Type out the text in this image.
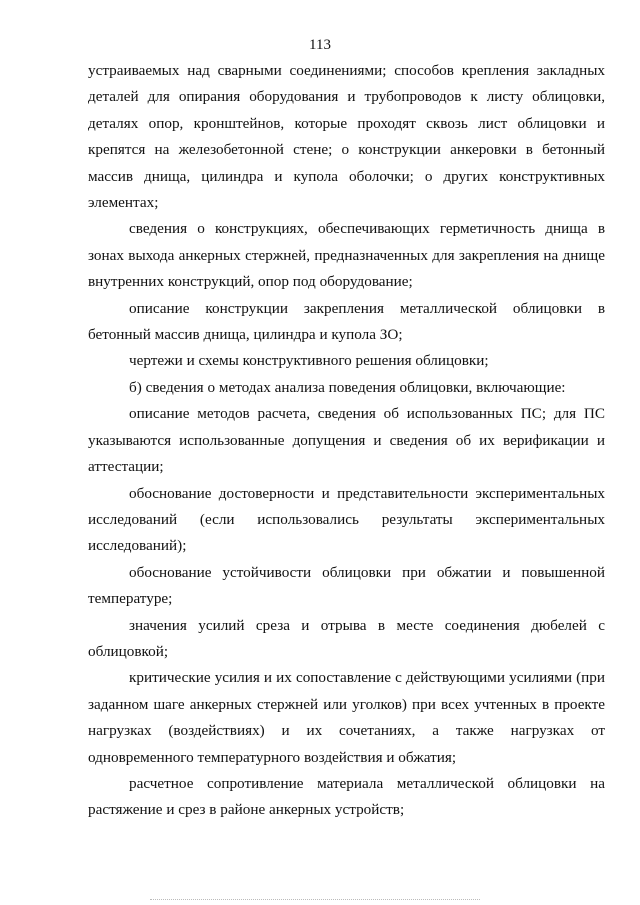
113

устраиваемых над сварными соединениями; способов крепления закладных деталей для опирания оборудования и трубопроводов к листу облицовки, деталях опор, кронштейнов, которые проходят сквозь лист облицовки и крепятся на железобетонной стене; о конструкции анкеровки в бетонный массив днища, цилиндра и купола оболочки; о других конструктивных элементах;

сведения о конструкциях, обеспечивающих герметичность днища в зонах выхода анкерных стержней, предназначенных для закрепления на днище внутренних конструкций, опор под оборудование;

описание конструкции закрепления металлической облицовки в бетонный массив днища, цилиндра и купола ЗО;

чертежи и схемы конструктивного решения облицовки;

б) сведения о методах анализа поведения облицовки, включающие:

описание методов расчета, сведения об использованных ПС; для ПС указываются использованные допущения и сведения об их верификации и аттестации;

обоснование достоверности и представительности экспериментальных исследований (если использовались результаты экспериментальных исследований);

обоснование устойчивости облицовки при обжатии и повышенной температуре;

значения усилий среза и отрыва в месте соединения дюбелей с облицовкой;

критические усилия и их сопоставление с действующими усилиями (при заданном шаге анкерных стержней или уголков) при всех учтенных в проекте нагрузках (воздействиях) и их сочетаниях, а также нагрузках от одновременного температурного воздействия и обжатия;

расчетное сопротивление материала металлической облицовки на растяжение и срез в районе анкерных устройств;
